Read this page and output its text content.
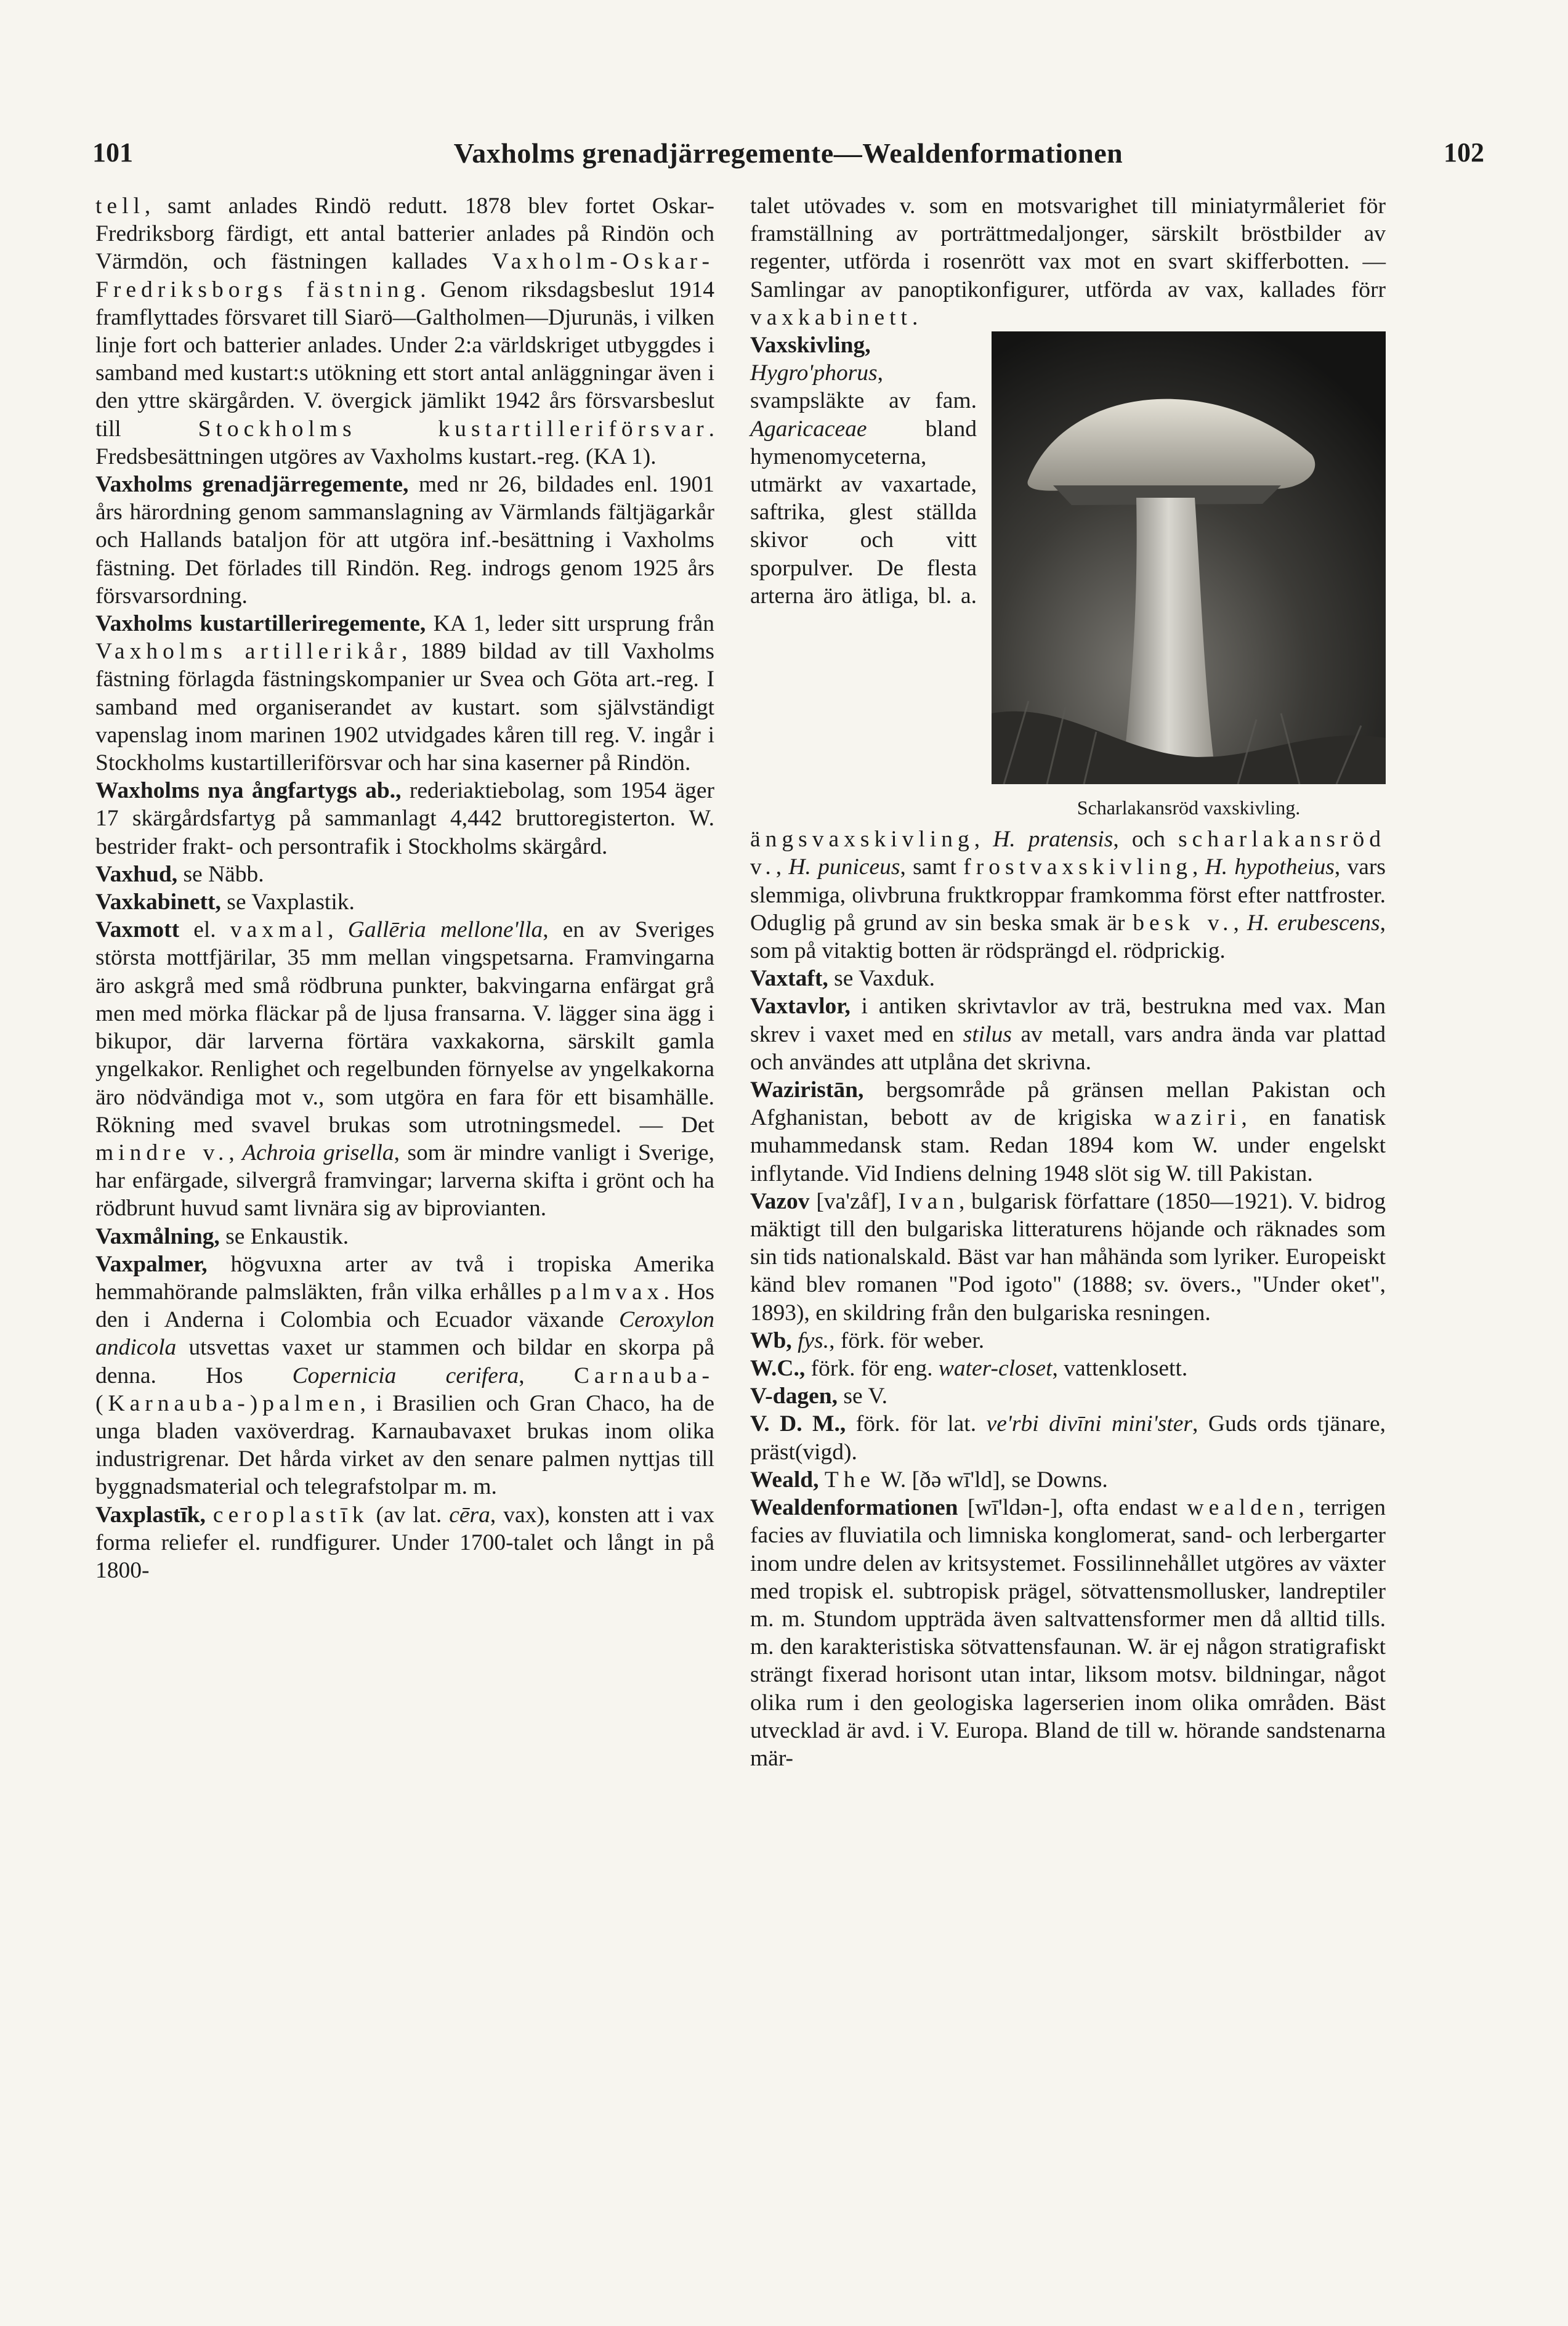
101	Vaxholms grenadjärregemente—Wealdenformationen	102

tell, samt anlades Rindö redutt. 1878 blev fortet Oskar-Fredriksborg färdigt, ett antal batterier anlades på Rindön och Värmdön, och fästningen kallades Vaxholm-Oskar-Fredriksborgs fästning. Genom riksdagsbeslut 1914 framflyttades försvaret till Siarö—Galtholmen—Djurunäs, i vilken linje fort och batterier anlades. Under 2:a världskriget utbyggdes i samband med kustart:s utökning ett stort antal anläggningar även i den yttre skärgården. V. övergick jämlikt 1942 års försvarsbeslut till Stockholms kustartilleriförsvar. Fredsbesättningen utgöres av Vaxholms kustart.-reg. (KA 1).

Vaxholms grenadjärregemente, med nr 26, bildades enl. 1901 års härordning genom sammanslagning av Värmlands fältjägarkår och Hallands bataljon för att utgöra inf.-besättning i Vaxholms fästning. Det förlades till Rindön. Reg. indrogs genom 1925 års försvarsordning.

Vaxholms kustartilleriregemente, KA 1, leder sitt ursprung från Vaxholms artillerikår, 1889 bildad av till Vaxholms fästning förlagda fästningskompanier ur Svea och Göta art.-reg. I samband med organiserandet av kustart. som självständigt vapenslag inom marinen 1902 utvidgades kåren till reg. V. ingår i Stockholms kustartilleriförsvar och har sina kaserner på Rindön.

Waxholms nya ångfartygs ab., rederiaktiebolag, som 1954 äger 17 skärgårdsfartyg på sammanlagt 4,442 bruttoregisterton. W. bestrider frakt- och persontrafik i Stockholms skärgård.

Vaxhud, se Näbb.

Vaxkabinett, se Vaxplastik.

Vaxmott el. vaxmal, Gallēria mellone'lla, en av Sveriges största mottfjärilar, 35 mm mellan vingspetsarna. Framvingarna äro askgrå med små rödbruna punkter, bakvingarna enfärgat grå men med mörka fläckar på de ljusa fransarna. V. lägger sina ägg i bikupor, där larverna förtära vaxkakorna, särskilt gamla yngelkakor. Renlighet och regelbunden förnyelse av yngelkakorna äro nödvändiga mot v., som utgöra en fara för ett bisamhälle. Rökning med svavel brukas som utrotningsmedel. — Det mindre v., Achroia grisella, som är mindre vanligt i Sverige, har enfärgade, silvergrå framvingar; larverna skifta i grönt och ha rödbrunt huvud samt livnära sig av biprovianten.

Vaxmålning, se Enkaustik.

Vaxpalmer, högvuxna arter av två i tropiska Amerika hemmahörande palmsläkten, från vilka erhålles palmvax. Hos den i Anderna i Colombia och Ecuador växande Ceroxylon andicola utsvettas vaxet ur stammen och bildar en skorpa på denna. Hos Copernicia cerifera, Carnauba-(Karnauba-)palmen, i Brasilien och Gran Chaco, ha de unga bladen vaxöverdrag. Karnaubavaxet brukas inom olika industrigrenar. Det hårda virket av den senare palmen nyttjas till byggnadsmaterial och telegrafstolpar m. m.

Vaxplastīk, ceroplastīk (av lat. cēra, vax), konsten att i vax forma reliefer el. rundfigurer. Under 1700-talet och långt in på 1800-

talet utövades v. som en motsvarighet till miniatyrmåleriet för framställning av porträttmedaljonger, särskilt bröstbilder av regenter, utförda i rosenrött vax mot en svart skifferbotten. — Samlingar av panoptikonfigurer, utförda av vax, kallades förr vaxkabinett.

Scharlakansröd vaxskivling.

Vaxskivling, Hygro'phorus, svampsläkte av fam. Agaricaceae bland hymenomyceterna, utmärkt av vaxartade, saftrika, glest ställda skivor och vitt sporpulver. De flesta arterna äro ätliga, bl. a. ängsvaxskivling, H. pratensis, och scharlakansröd v., H. puniceus, samt frostvaxskivling, H. hypotheius, vars slemmiga, olivbruna fruktkroppar framkomma först efter nattfroster. Oduglig på grund av sin beska smak är besk v., H. erubescens, som på vitaktig botten är rödsprängd el. rödprickig.

Vaxtaft, se Vaxduk.

Vaxtavlor, i antiken skrivtavlor av trä, bestrukna med vax. Man skrev i vaxet med en stilus av metall, vars andra ända var plattad och användes att utplåna det skrivna.

Waziristān, bergsområde på gränsen mellan Pakistan och Afghanistan, bebott av de krigiska waziri, en fanatisk muhammedansk stam. Redan 1894 kom W. under engelskt inflytande. Vid Indiens delning 1948 slöt sig W. till Pakistan.

Vazov [va'zåf], Ivan, bulgarisk författare (1850—1921). V. bidrog mäktigt till den bulgariska litteraturens höjande och räknades som sin tids nationalskald. Bäst var han måhända som lyriker. Europeiskt känd blev romanen "Pod igoto" (1888; sv. övers., "Under oket", 1893), en skildring från den bulgariska resningen.

Wb, fys., förk. för weber.

W.C., förk. för eng. water-closet, vattenklosett.

V-dagen, se V.

V. D. M., förk. för lat. ve'rbi divīni mini'ster, Guds ords tjänare, präst(vigd).

Weald, The W. [ðə wī'ld], se Downs.

Wealdenformationen [wī'ldən-], ofta endast wealden, terrigen facies av fluviatila och limniska konglomerat, sand- och lerbergarter inom undre delen av kritsystemet. Fossilinnehållet utgöres av växter med tropisk el. subtropisk prägel, sötvattensmollusker, landreptiler m. m. Stundom uppträda även saltvattensformer men då alltid tills. m. den karakteristiska sötvattensfaunan. W. är ej någon stratigrafiskt strängt fixerad horisont utan intar, liksom motsv. bildningar, något olika rum i den geologiska lagerserien inom olika områden. Bäst utvecklad är avd. i V. Europa. Bland de till w. hörande sandstenarna mär-
